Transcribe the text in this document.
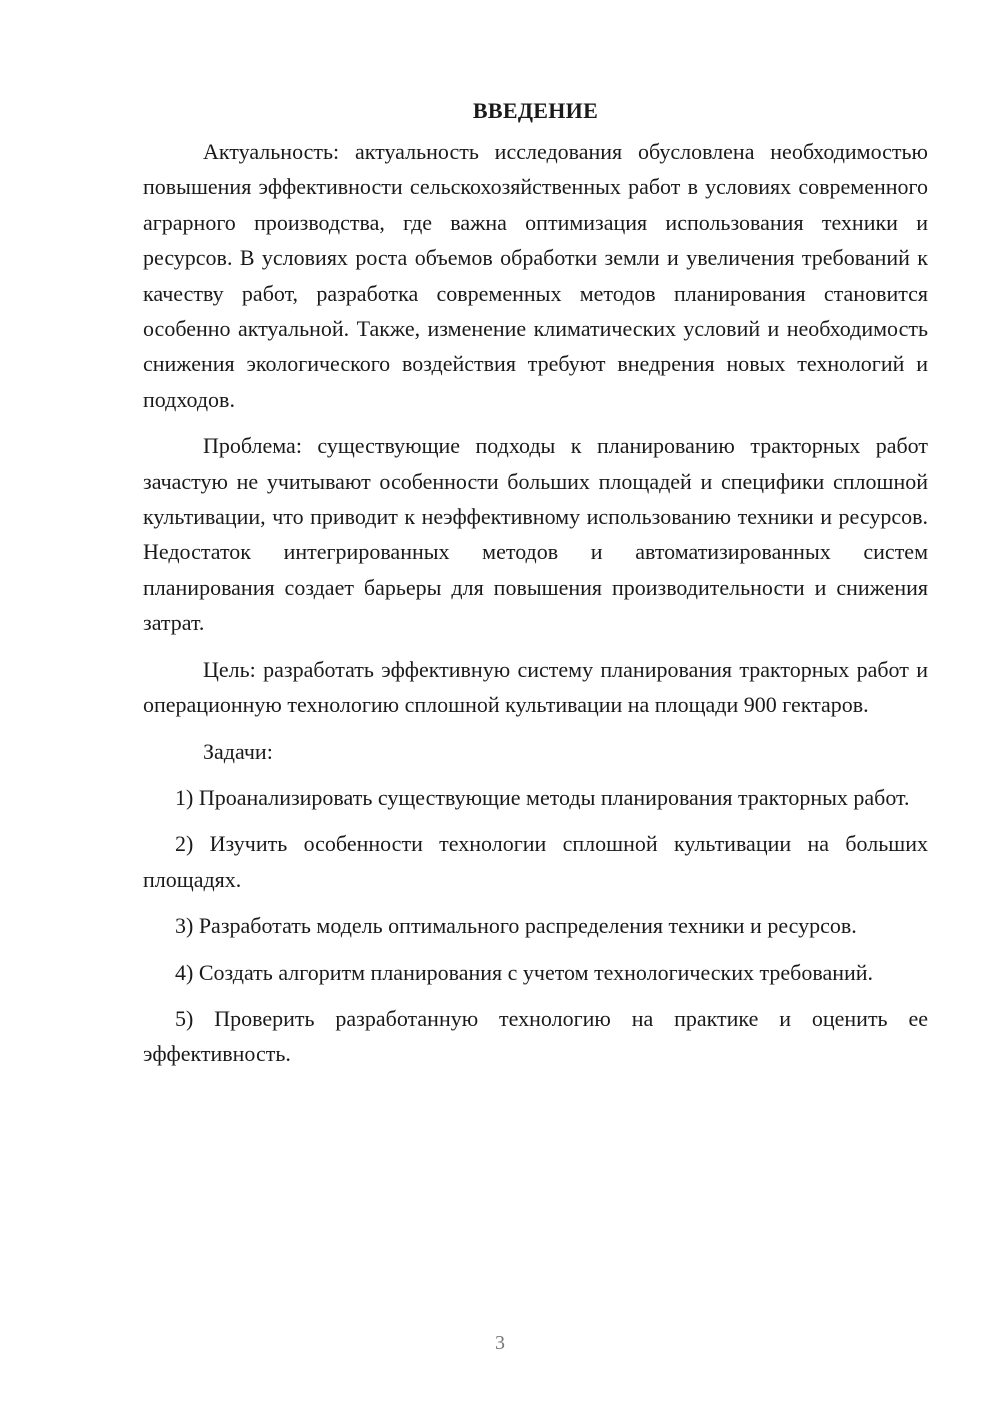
ВВЕДЕНИЕ

Актуальность: актуальность исследования обусловлена необходимостью повышения эффективности сельскохозяйственных работ в условиях современного аграрного производства, где важна оптимизация использования техники и ресурсов. В условиях роста объемов обработки земли и увеличения требований к качеству работ, разработка современных методов планирования становится особенно актуальной. Также, изменение климатических условий и необходимость снижения экологического воздействия требуют внедрения новых технологий и подходов.

Проблема: существующие подходы к планированию тракторных работ зачастую не учитывают особенности больших площадей и специфики сплошной культивации, что приводит к неэффективному использованию техники и ресурсов. Недостаток интегрированных методов и автоматизированных систем планирования создает барьеры для повышения производительности и снижения затрат.

Цель: разработать эффективную систему планирования тракторных работ и операционную технологию сплошной культивации на площади 900 гектаров.

Задачи:

1) Проанализировать существующие методы планирования тракторных работ.

2) Изучить особенности технологии сплошной культивации на больших площадях.

3) Разработать модель оптимального распределения техники и ресурсов.

4) Создать алгоритм планирования с учетом технологических требований.

5) Проверить разработанную технологию на практике и оценить ее эффективность.

3
